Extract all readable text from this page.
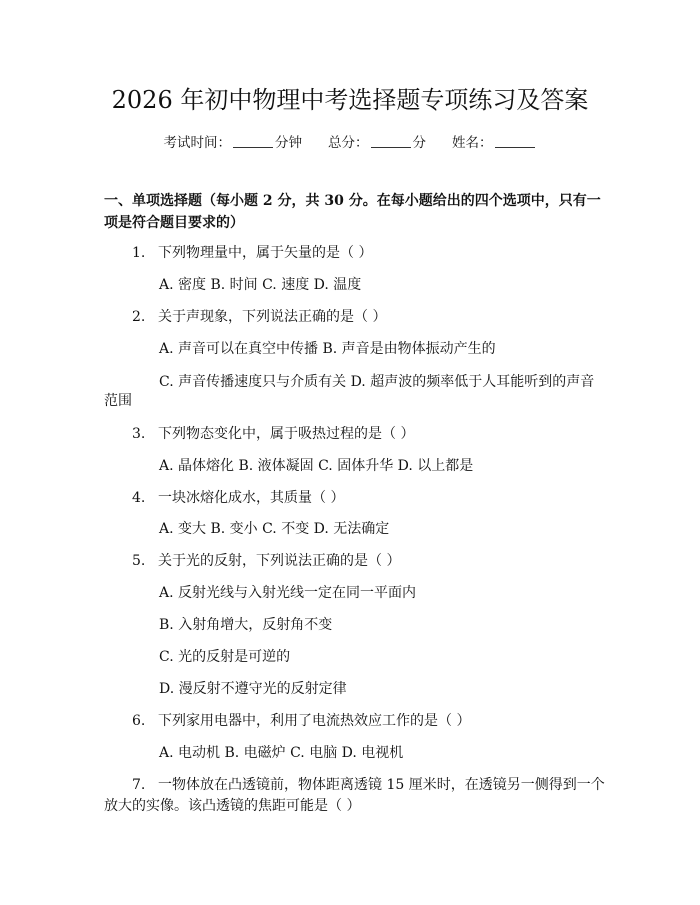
2026 年初中物理中考选择题专项练习及答案
考试时间：	分钟 总分：	分 姓名：
一、单项选择题（每小题 2 分，共 30 分。在每小题给出的四个选项中，只有一项是符合题目要求的）
1. 下列物理量中，属于矢量的是（ ）
A. 密度 B. 时间 C. 速度 D. 温度
2. 关于声现象，下列说法正确的是（ ）
A. 声音可以在真空中传播 B. 声音是由物体振动产生的
C. 声音传播速度只与介质有关 D. 超声波的频率低于人耳能听到的声音
范围
3. 下列物态变化中，属于吸热过程的是（ ）
A. 晶体熔化 B. 液体凝固 C. 固体升华 D. 以上都是
4. 一块冰熔化成水，其质量（ ）
A. 变大 B. 变小 C. 不变 D. 无法确定
5. 关于光的反射，下列说法正确的是（ ）
A. 反射光线与入射光线一定在同一平面内
B. 入射角增大，反射角不变
C. 光的反射是可逆的
D. 漫反射不遵守光的反射定律
6. 下列家用电器中，利用了电流热效应工作的是（ ）
A. 电动机 B. 电磁炉 C. 电脑 D. 电视机
7. 一物体放在凸透镜前，物体距离透镜 15 厘米时，在透镜另一侧得到一个
放大的实像。该凸透镜的焦距可能是（ ）
